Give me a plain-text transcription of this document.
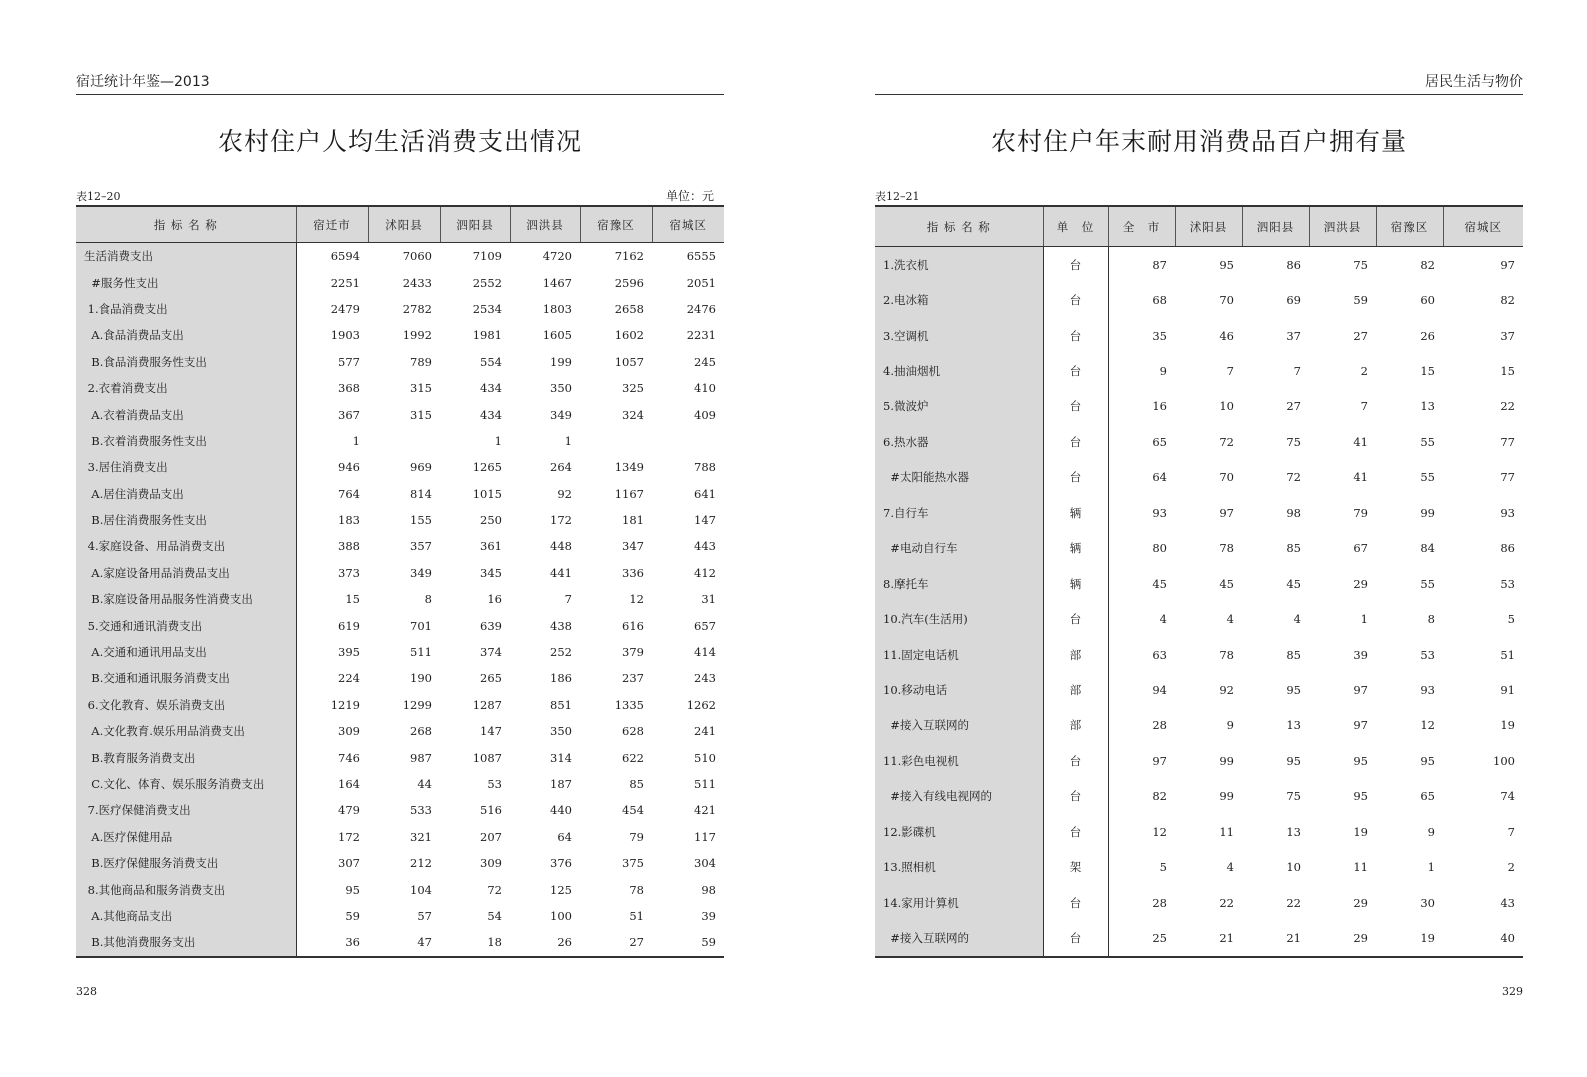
宿迁统计年鉴—2013
农村住户人均生活消费支出情况
表12–20	单位：元
指 标 名 称	宿迁市	沭阳县	泗阳县	泗洪县	宿豫区	宿城区
生活消费支出	6594	7060	7109	4720	7162	6555
#服务性支出	2251	2433	2552	1467	2596	2051
1.食品消费支出	2479	2782	2534	1803	2658	2476
A.食品消费品支出	1903	1992	1981	1605	1602	2231
B.食品消费服务性支出	577	789	554	199	1057	245
2.衣着消费支出	368	315	434	350	325	410
A.衣着消费品支出	367	315	434	349	324	409
B.衣着消费服务性支出	1		1	1		
3.居住消费支出	946	969	1265	264	1349	788
A.居住消费品支出	764	814	1015	92	1167	641
B.居住消费服务性支出	183	155	250	172	181	147
4.家庭设备、用品消费支出	388	357	361	448	347	443
A.家庭设备用品消费品支出	373	349	345	441	336	412
B.家庭设备用品服务性消费支出	15	8	16	7	12	31
5.交通和通讯消费支出	619	701	639	438	616	657
A.交通和通讯用品支出	395	511	374	252	379	414
B.交通和通讯服务消费支出	224	190	265	186	237	243
6.文化教育、娱乐消费支出	1219	1299	1287	851	1335	1262
A.文化教育.娱乐用品消费支出	309	268	147	350	628	241
B.教育服务消费支出	746	987	1087	314	622	510
C.文化、体育、娱乐服务消费支出	164	44	53	187	85	511
7.医疗保健消费支出	479	533	516	440	454	421
A.医疗保健用品	172	321	207	64	79	117
B.医疗保健服务消费支出	307	212	309	376	375	304
8.其他商品和服务消费支出	95	104	72	125	78	98
A.其他商品支出	59	57	54	100	51	39
B.其他消费服务支出	36	47	18	26	27	59
328
居民生活与物价
农村住户年末耐用消费品百户拥有量
表12–21
指 标 名 称	单　位	全　市	沭阳县	泗阳县	泗洪县	宿豫区	宿城区
1.洗衣机	台	87	95	86	75	82	97
2.电冰箱	台	68	70	69	59	60	82
3.空调机	台	35	46	37	27	26	37
4.抽油烟机	台	9	7	7	2	15	15
5.微波炉	台	16	10	27	7	13	22
6.热水器	台	65	72	75	41	55	77
#太阳能热水器	台	64	70	72	41	55	77
7.自行车	辆	93	97	98	79	99	93
#电动自行车	辆	80	78	85	67	84	86
8.摩托车	辆	45	45	45	29	55	53
10.汽车(生活用)	台	4	4	4	1	8	5
11.固定电话机	部	63	78	85	39	53	51
10.移动电话	部	94	92	95	97	93	91
#接入互联网的	部	28	9	13	97	12	19
11.彩色电视机	台	97	99	95	95	95	100
#接入有线电视网的	台	82	99	75	95	65	74
12.影碟机	台	12	11	13	19	9	7
13.照相机	架	5	4	10	11	1	2
14.家用计算机	台	28	22	22	29	30	43
#接入互联网的	台	25	21	21	29	19	40
329
